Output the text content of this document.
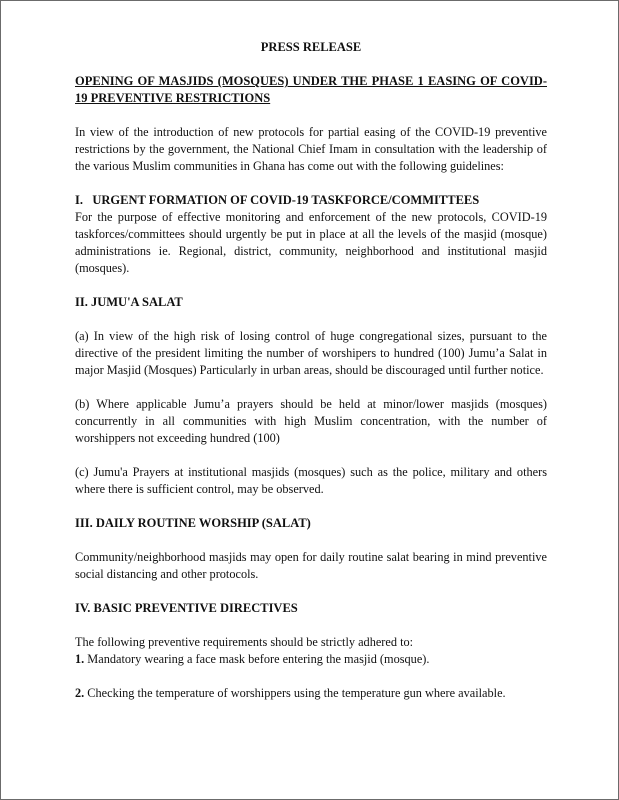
PRESS RELEASE
OPENING OF MASJIDS (MOSQUES) UNDER THE PHASE 1 EASING OF COVID-19 PREVENTIVE RESTRICTIONS

In view of the introduction of new protocols for partial easing of the COVID-19 preventive restrictions by the government, the National Chief Imam in consultation with the leadership of the various Muslim communities in Ghana has come out with the following guidelines:

I.   URGENT FORMATION OF COVID-19 TASKFORCE/COMMITTEES

For the purpose of effective monitoring and enforcement of the new protocols, COVID-19 taskforces/committees should urgently be put in place at all the levels of the masjid (mosque) administrations ie. Regional, district, community, neighborhood and institutional masjid (mosques).

II. JUMU'A SALAT

(a) In view of the high risk of losing control of huge congregational sizes, pursuant to the directive of the president limiting the number of worshipers to hundred (100) Jumu’a Salat in major Masjid (Mosques) Particularly in urban areas, should be discouraged until further notice.

(b) Where applicable Jumu’a prayers should be held at minor/lower masjids (mosques) concurrently in all communities with high Muslim concentration, with the number of worshippers not exceeding hundred (100)

(c) Jumu'a Prayers at institutional masjids (mosques) such as the police, military and others where there is sufficient control, may be observed.

III. DAILY ROUTINE WORSHIP (SALAT)

Community/neighborhood masjids may open for daily routine salat bearing in mind preventive social distancing and other protocols.

IV. BASIC PREVENTIVE DIRECTIVES

The following preventive requirements should be strictly adhered to:

1. Mandatory wearing a face mask before entering the masjid (mosque).

2. Checking the temperature of worshippers using the temperature gun where available.
